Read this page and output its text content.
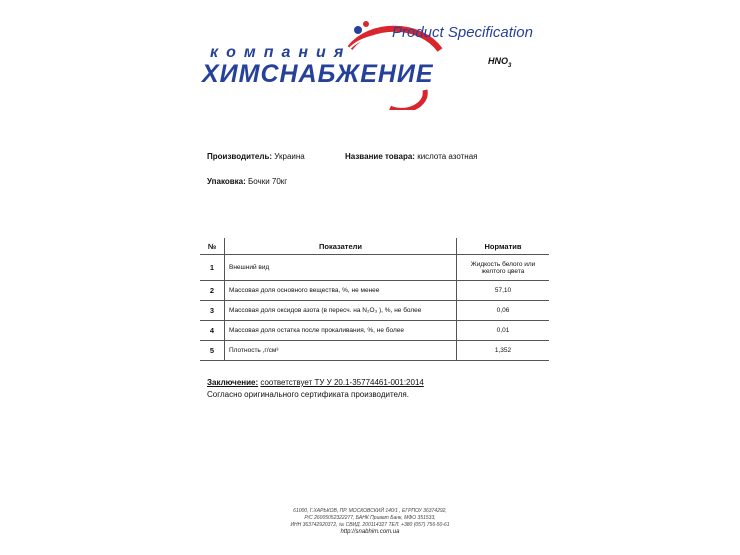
компания
ХИМСНАБЖЕНИЕ
Product Specification
$HNO_3$
Производитель: Украина	Название товара: кислота азотная
Упаковка: Бочки 70кг
№	Показатели	Норматив
1	Внешний вид	Жидкость белого или желтого цвета
2	Массовая доля основного вещества, %, не менее	57,10
3	Массовая доля оксидов азота (в пересч. на N₂O₃ ), %, не более	0,06
4	Массовая доля остатка после прокаливания, %, не более	0,01
5	Плотность ,г/см³	1,352
Заключение: соответствует ТУ У 20.1-35774461-001:2014
Согласно оригинального сертификата производителя.
61000, Г.ХАРЬКОВ, ПР. МОСКОВСКИЙ 140/1 , ЕГРПОУ 36374292,
Р/С 26005052322277, БАНК Приват Банк, МФО 351533,
ИНН 363742920372, № СВИД. 200114327 ТЕЛ. +380 (057) 756-50-61
http://snabhim.com.ua
